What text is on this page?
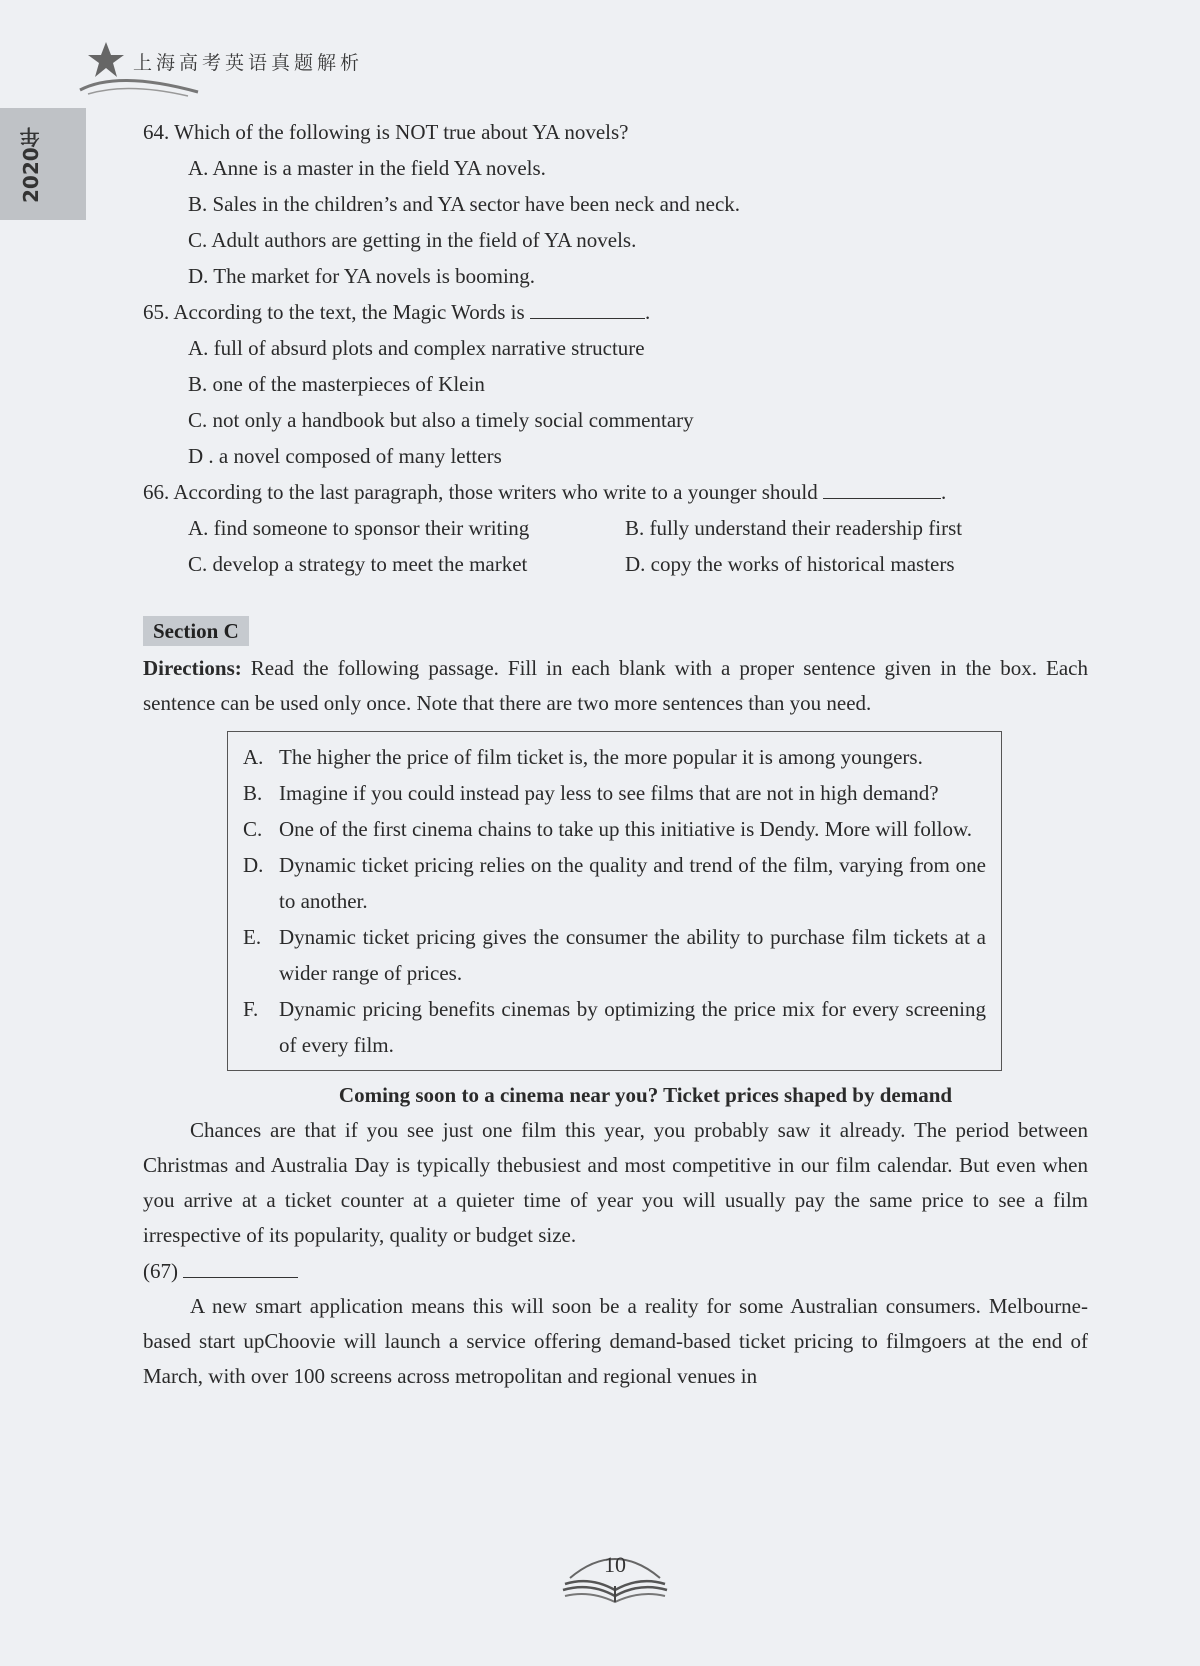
上海高考英语真题解析
2020年	64. Which of the following is NOT true about YA novels?

A. Anne is a master in the field YA novels.

B. Sales in the children’s and YA sector have been neck and neck.

C. Adult authors are getting in the field of YA novels.

D. The market for YA novels is booming.

65. According to the text, the Magic Words is	.

A. full of absurd plots and complex narrative structure

B. one of the masterpieces of Klein

C. not only a handbook but also a timely social commentary

D . a novel composed of many letters

66. According to the last paragraph, those writers who write to a younger should	.

A. find someone to sponsor their writing	B. fully understand their readership first
C. develop a strategy to meet the market	D. copy the works of historical masters
Section C

Directions: Read the following passage. Fill in each blank with a proper sentence given in the box. Each sentence can be used only once. Note that there are two more sentences than you need.

A. The higher the price of film ticket is, the more popular it is among youngers.
B. Imagine if you could instead pay less to see films that are not in high demand?
C. One of the first cinema chains to take up this initiative is Dendy. More will follow.
D. Dynamic ticket pricing relies on the quality and trend of the film, varying from one to another.
E. Dynamic ticket pricing gives the consumer the ability to purchase film tickets at a wider range of prices.
F. Dynamic pricing benefits cinemas by optimizing the price mix for every screening of every film.
Coming soon to a cinema near you? Ticket prices shaped by demand

Chances are that if you see just one film this year, you probably saw it already. The period between Christmas and Australia Day is typically thebusiest and most competitive in our film calendar. But even when you arrive at a ticket counter at a quieter time of year you will usually pay the same price to see a film irrespective of its popularity, quality or budget size.

(67)

A new smart application means this will soon be a reality for some Australian consumers. Melbourne-based start upChoovie will launch a service offering demand-based ticket pricing to filmgoers at the end of March, with over 100 screens across metropolitan and regional venues in

10
